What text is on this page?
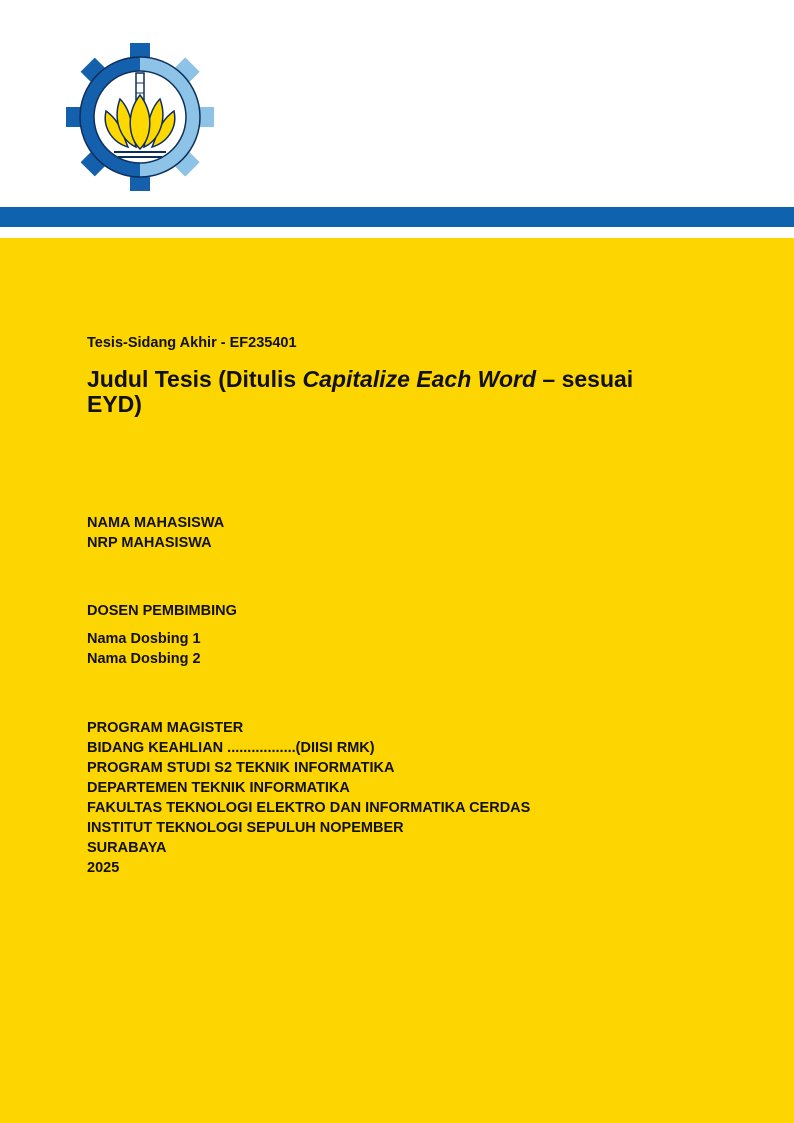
Tesis-Sidang Akhir - EF235401
Judul Tesis (Ditulis Capitalize Each Word – sesuai
EYD)
NAMA MAHASISWA
NRP MAHASISWA
DOSEN PEMBIMBING
Nama Dosbing 1
Nama Dosbing 2
PROGRAM MAGISTER
BIDANG KEAHLIAN .................(DIISI RMK)
PROGRAM STUDI S2 TEKNIK INFORMATIKA
DEPARTEMEN TEKNIK INFORMATIKA
FAKULTAS TEKNOLOGI ELEKTRO DAN INFORMATIKA CERDAS
INSTITUT TEKNOLOGI SEPULUH NOPEMBER
SURABAYA
2025
